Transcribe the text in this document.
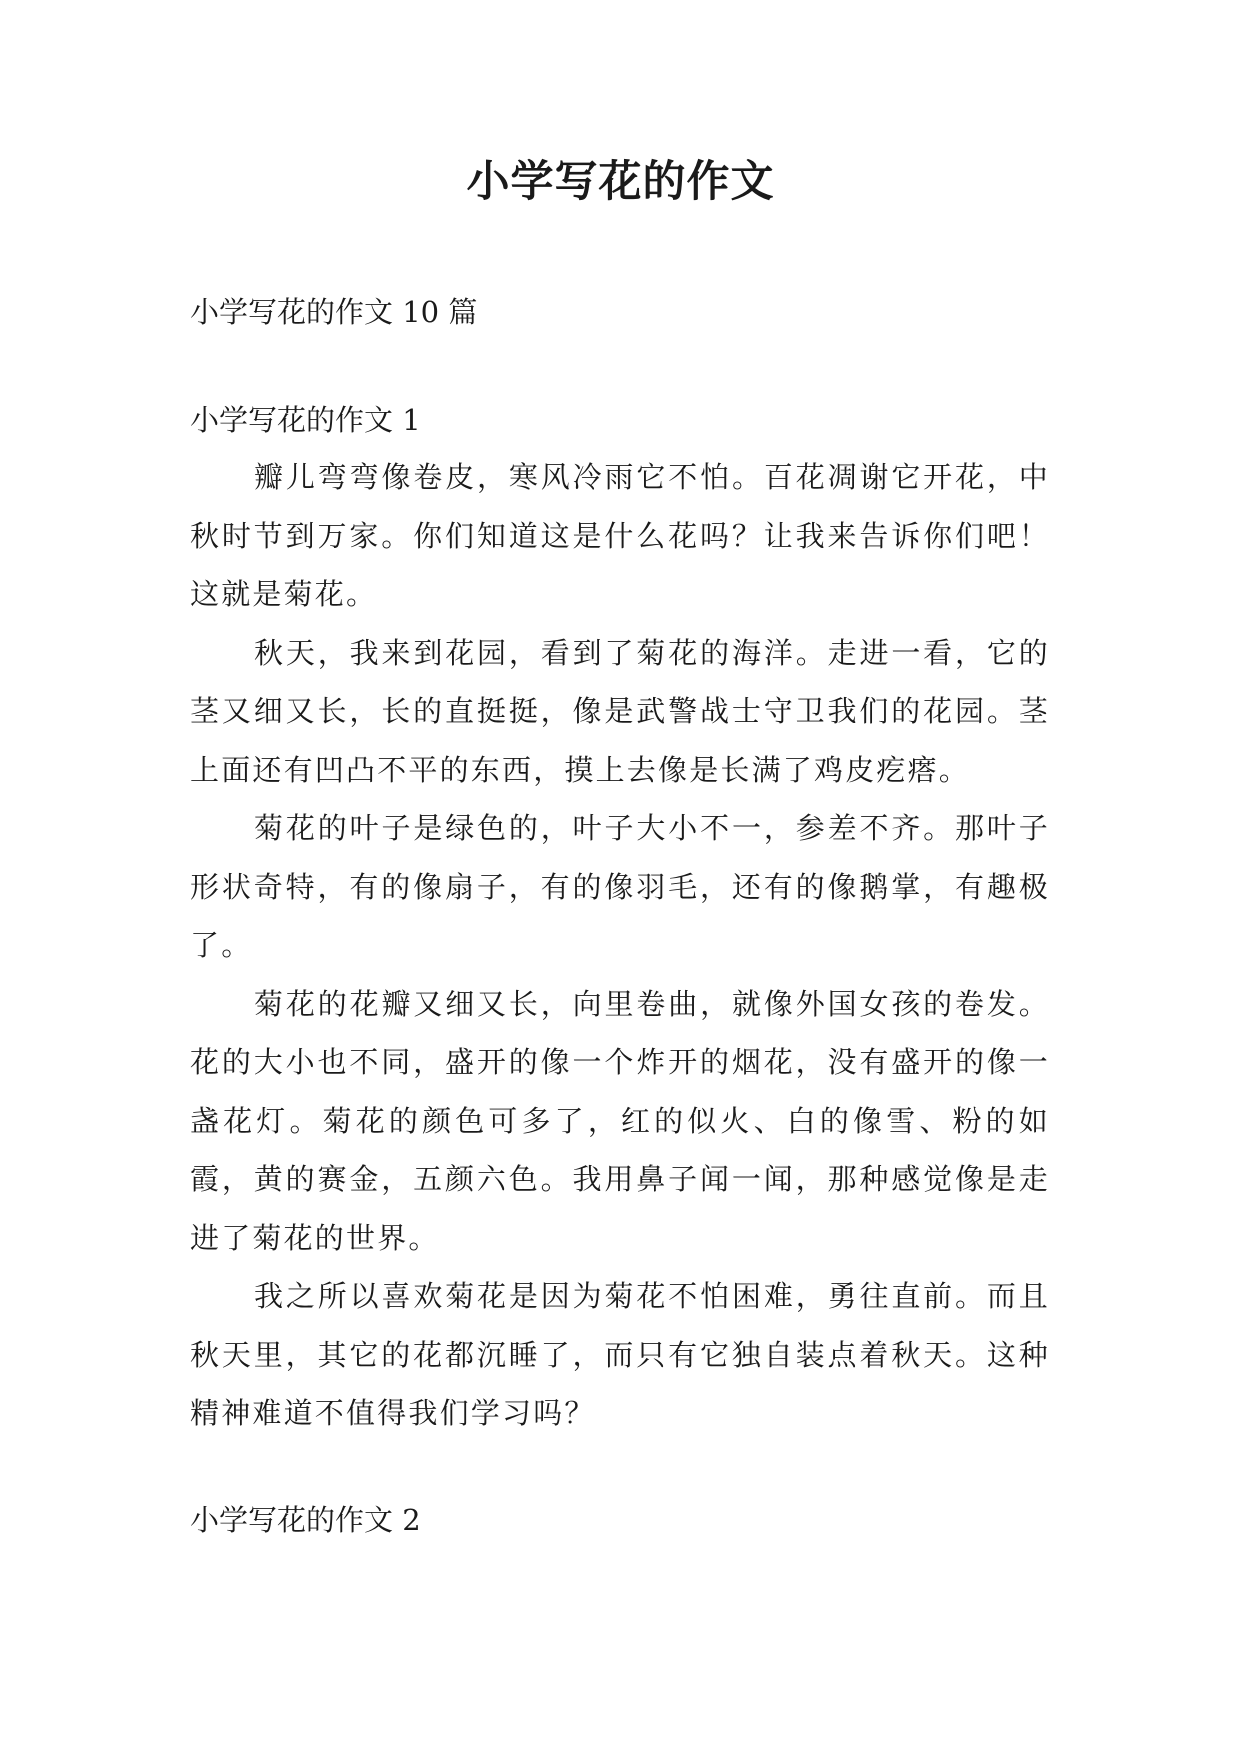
小学写花的作文

小学写花的作文 10 篇

小学写花的作文 1

瓣儿弯弯像卷皮，寒风冷雨它不怕。百花凋谢它开花，中秋时节到万家。你们知道这是什么花吗？让我来告诉你们吧！这就是菊花。

秋天，我来到花园，看到了菊花的海洋。走进一看，它的茎又细又长，长的直挺挺，像是武警战士守卫我们的花园。茎上面还有凹凸不平的东西，摸上去像是长满了鸡皮疙瘩。

菊花的叶子是绿色的，叶子大小不一，参差不齐。那叶子形状奇特，有的像扇子，有的像羽毛，还有的像鹅掌，有趣极了。

菊花的花瓣又细又长，向里卷曲，就像外国女孩的卷发。花的大小也不同，盛开的像一个炸开的烟花，没有盛开的像一盏花灯。菊花的颜色可多了，红的似火、白的像雪、粉的如霞，黄的赛金，五颜六色。我用鼻子闻一闻，那种感觉像是走进了菊花的世界。

我之所以喜欢菊花是因为菊花不怕困难，勇往直前。而且秋天里，其它的花都沉睡了，而只有它独自装点着秋天。这种精神难道不值得我们学习吗？

小学写花的作文 2
